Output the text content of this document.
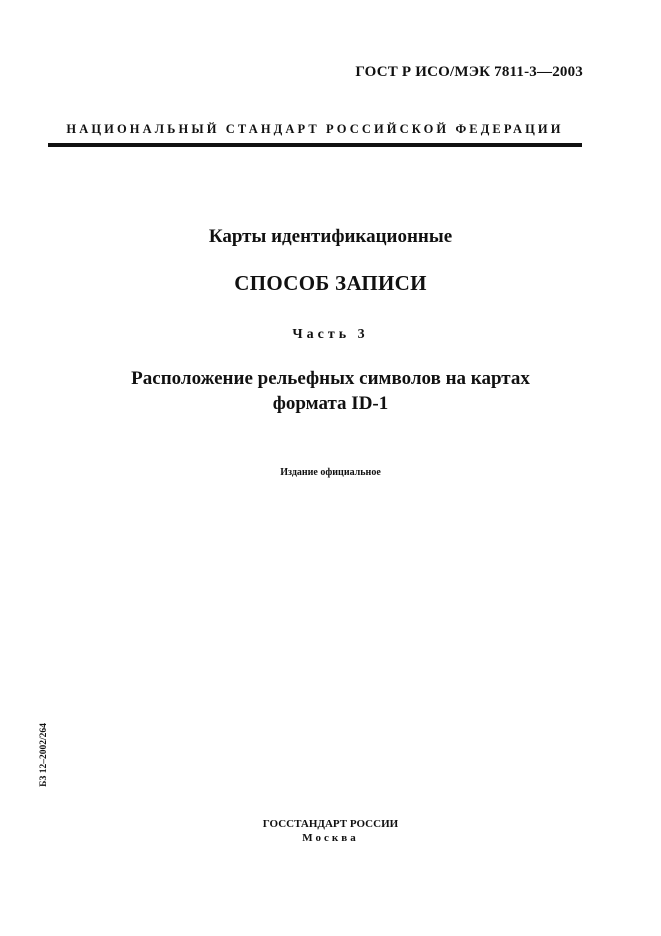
ГОСТ Р ИСО/МЭК 7811-3—2003
НАЦИОНАЛЬНЫЙ СТАНДАРТ РОССИЙСКОЙ ФЕДЕРАЦИИ
Карты идентификационные
СПОСОБ ЗАПИСИ
Часть 3
Расположение рельефных символов на картах
формата ID-1
Издание официальное
БЗ 12–2002/264
ГОССТАНДАРТ РОССИИ
Москва
